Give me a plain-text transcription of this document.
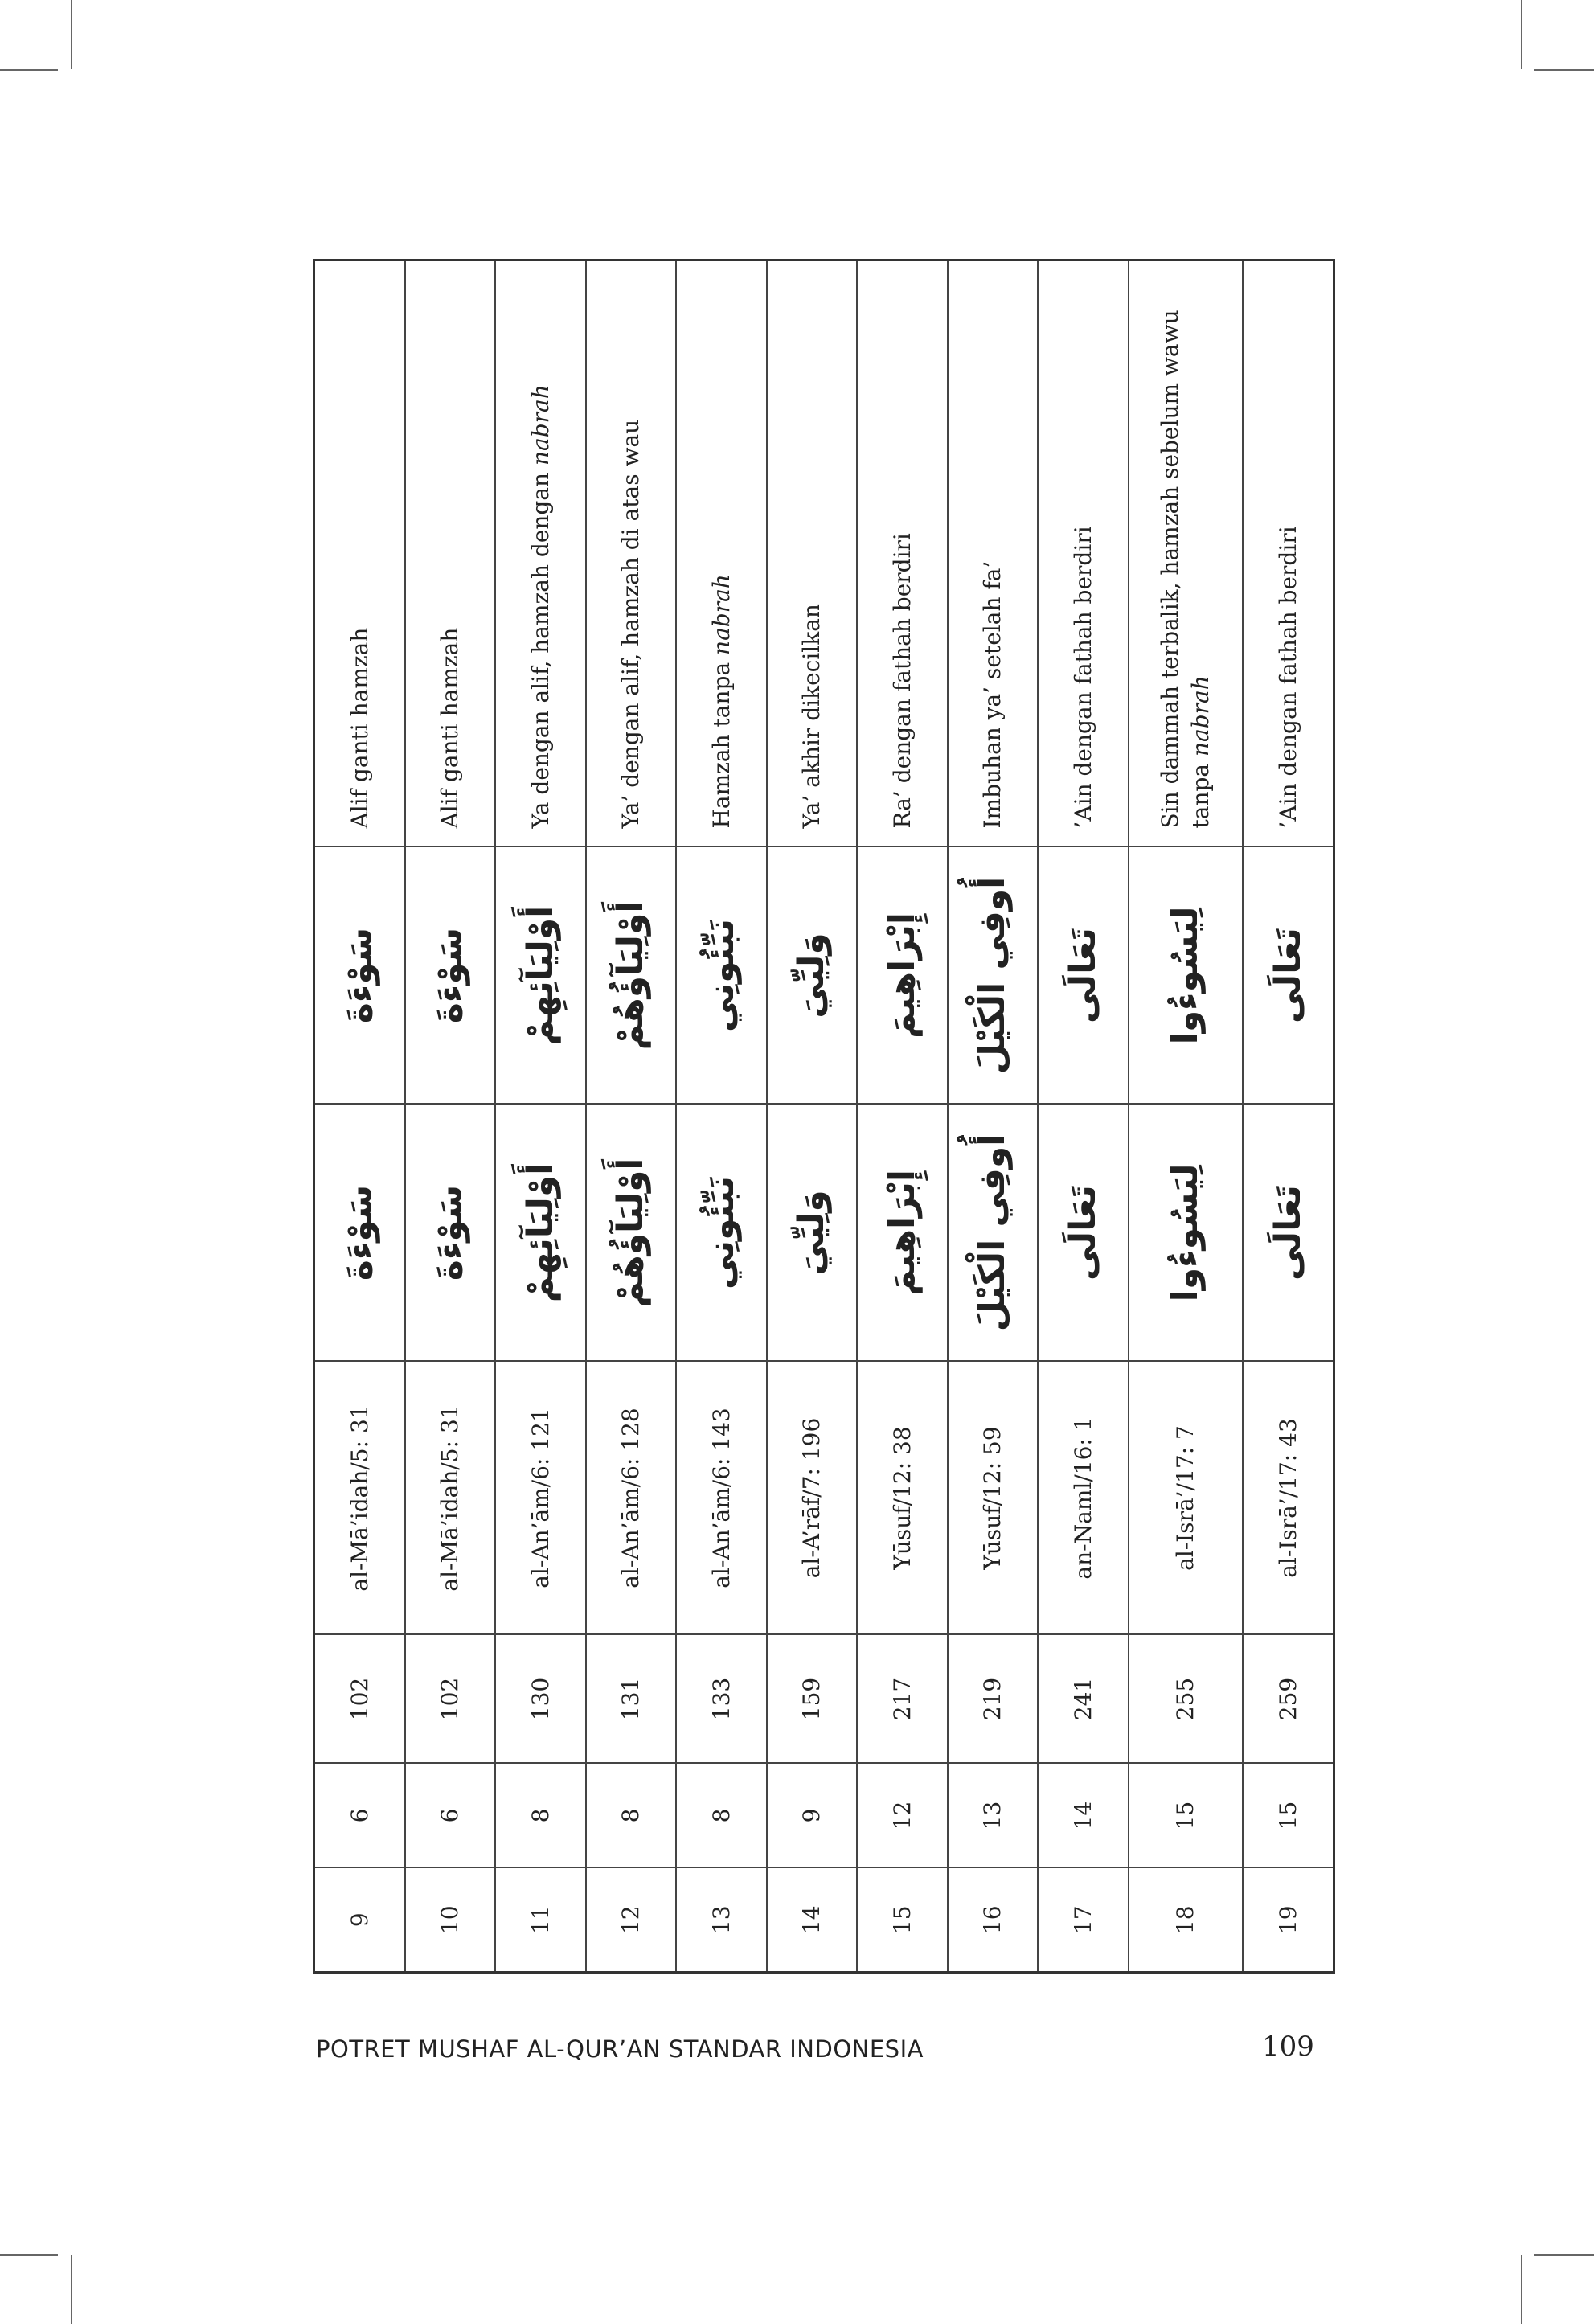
9	6	102	al-Mā’idah/5: 31	سَوْءَةَ	سَوْءَةَ	Alif ganti hamzah
10	6	102	al-Mā’idah/5: 31	سَوْءَةَ	سَوْءَةَ	Alif ganti hamzah
11	8	130	al-An’ām/6: 121	أَوْلِيَآئِهِمْ	أَوْلِيَآئِهِمْ	Ya dengan alif, hamzah dengan nabrah
12	8	131	al-An’ām/6: 128	أَوْلِيَآؤُهُمْ	أَوْلِيَآؤُهُمْ	Ya’ dengan alif, hamzah di atas wau
13	8	133	al-An’ām/6: 143	نَبِّئُونِي	نَبِّئُونِي	Hamzah tanpa nabrah
14	9	159	al-A’rāf/7: 196	وَلِيِّيَ	وَلِيِّيَ	Ya’ akhir dikecilkan
15	12	217	Yūsuf/12: 38	إِبْرَاهِيمَ	إِبْرَاهِيمَ	Ra’ dengan fathah berdiri
16	13	219	Yūsuf/12: 59	أُوفِي الْكَيْلَ	أُوفِي الْكَيْلَ	Imbuhan ya’ setelah fa’
17	14	241	an-Naml/16: 1	تَعَالَى	تَعَالَى	’Ain dengan fathah berdiri
18	15	255	al-Isrā’/17: 7	لِيَسُوءُوا	لِيَسُوءُوا	Sin dammah terbalik, hamzah sebelum wawu tanpa nabrah
19	15	259	al-Isrā’/17: 43	تَعَالَى	تَعَالَى	’Ain dengan fathah berdiri
POTRET MUSHAF AL-QUR’AN STANDAR INDONESIA	109
